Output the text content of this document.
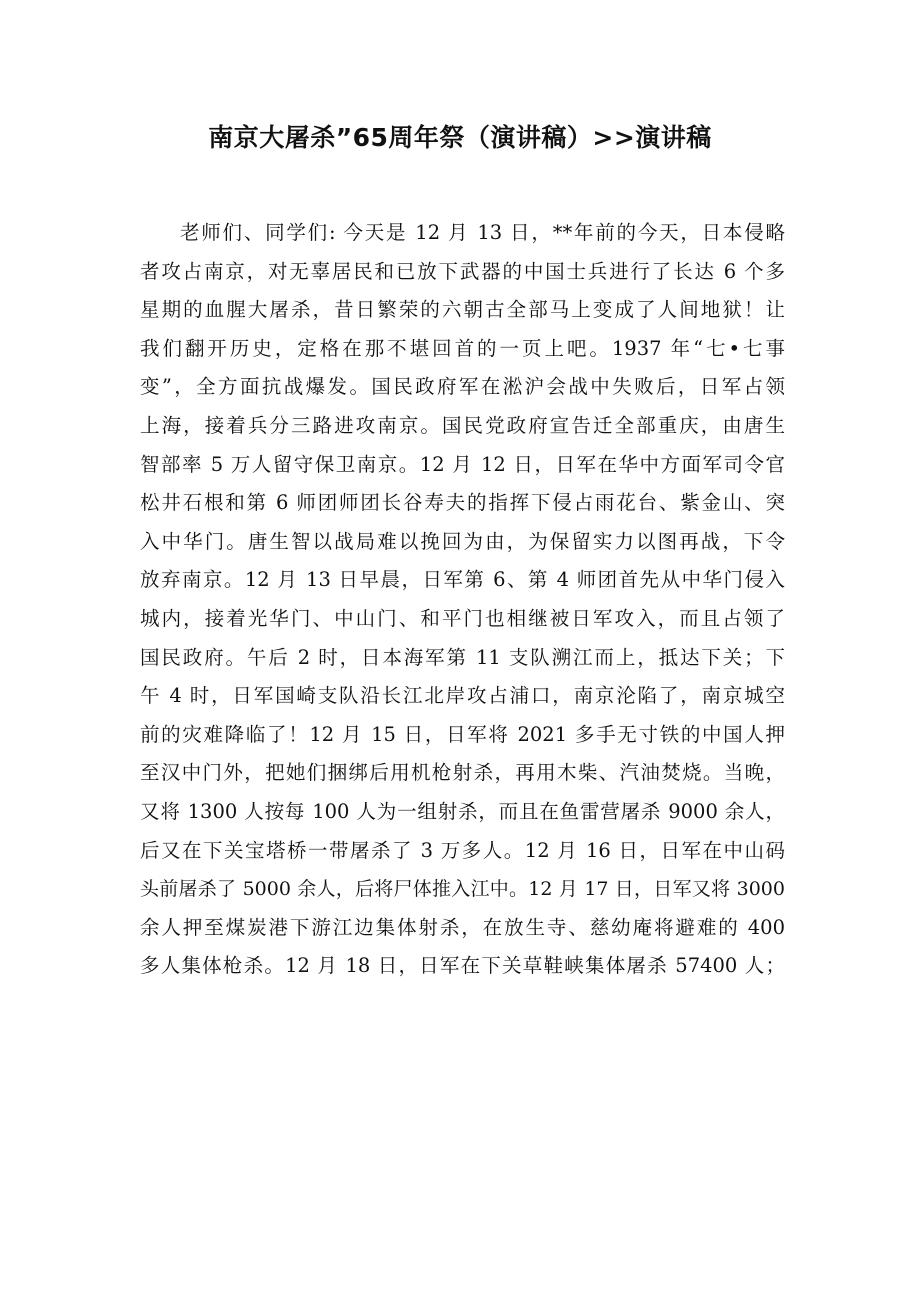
南京大屠杀”65周年祭（演讲稿）>>演讲稿
老师们、同学们: 今天是 12 月 13 日，**年前的今天，日本侵略
者攻占南京，对无辜居民和已放下武器的中国士兵进行了长达 6 个多
星期的血腥大屠杀，昔日繁荣的六朝古全部马上变成了人间地狱！让
我们翻开历史，定格在那不堪回首的一页上吧。1937 年“七•七事
变”，全方面抗战爆发。国民政府军在淞沪会战中失败后，日军占领
上海，接着兵分三路进攻南京。国民党政府宣告迁全部重庆，由唐生
智部率 5 万人留守保卫南京。12 月 12 日，日军在华中方面军司令官
松井石根和第 6 师团师团长谷寿夫的指挥下侵占雨花台、紫金山、突
入中华门。唐生智以战局难以挽回为由，为保留实力以图再战，下令
放弃南京。12 月 13 日早晨，日军第 6、第 4 师团首先从中华门侵入
城内，接着光华门、中山门、和平门也相继被日军攻入，而且占领了
国民政府。午后 2 时，日本海军第 11 支队溯江而上，抵达下关；下
午 4 时，日军国崎支队沿长江北岸攻占浦口，南京沦陷了，南京城空
前的灾难降临了！12 月 15 日，日军将 2021 多手无寸铁的中国人押
至汉中门外，把她们捆绑后用机枪射杀，再用木柴、汽油焚烧。当晚，
又将 1300 人按每 100 人为一组射杀，而且在鱼雷营屠杀 9000 余人，
后又在下关宝塔桥一带屠杀了 3 万多人。12 月 16 日，日军在中山码
头前屠杀了 5000 余人，后将尸体推入江中。12 月 17 日，日军又将 3000
余人押至煤炭港下游江边集体射杀，在放生寺、慈幼庵将避难的 400
多人集体枪杀。12 月 18 日，日军在下关草鞋峡集体屠杀 57400 人；
